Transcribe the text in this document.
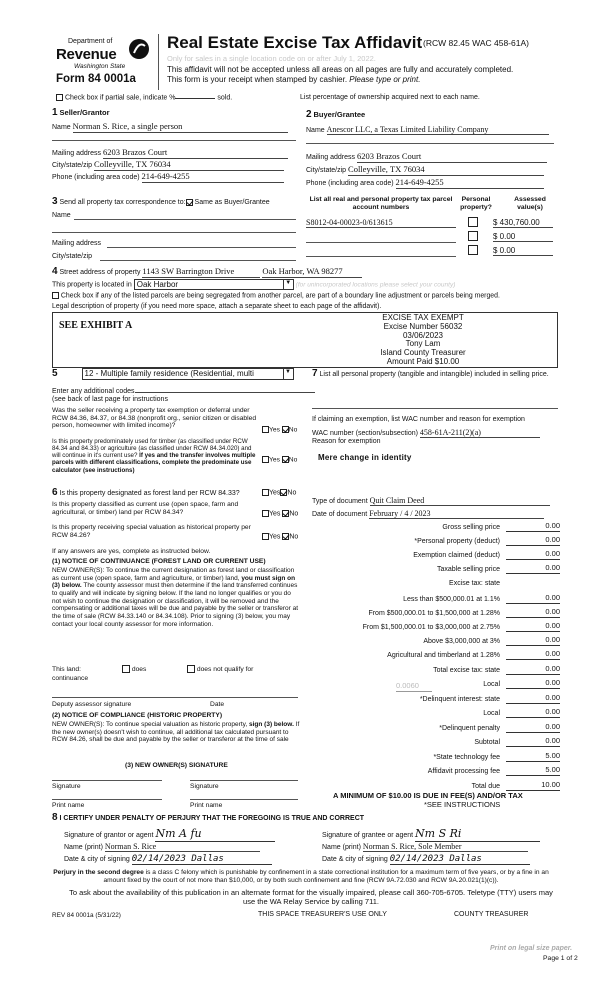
Department of
Revenue
Washington State
Form 84 0001a
Real Estate Excise Tax Affidavit (RCW 82.45 WAC 458-61A)
Only for sales in a single location code on or after July 1, 2022.
This affidavit will not be accepted unless all areas on all pages are fully and accurately completed.
This form is your receipt when stamped by cashier. Please type or print.
Check box if partial sale, indicate %	sold.	List percentage of ownership acquired next to each name.
1 Seller/Grantor
Name Norman S. Rice, a single person
Mailing address 6203 Brazos Court
City/state/zip Colleyville, TX 76034
Phone (including area code) 214-649-4255
2 Buyer/Grantee
Name Anescor LLC, a Texas Limited Liability Company
Mailing address 6203 Brazos Court
City/state/zip Colleyville, TX 76034
Phone (including area code) 214-649-4255
3 Send all property tax correspondence to: Same as Buyer/Grantee
Name
Mailing address
City/state/zip
List all real and personal property tax parcel account numbers
Personal property?
Assessed value(s)
S8012-04-00023-0/613615	$ 430,760.00
$ 0.00
$ 0.00
4 Street address of property 1143 SW Barrington Drive	Oak Harbor, WA 98277
This property is located in Oak Harbor	▼ (for unincorporated locations please select your county)
Check box if any of the listed parcels are being segregated from another parcel, are part of a boundary line adjustment or parcels being merged.
Legal description of property (if you need more space, attach a separate sheet to each page of the affidavit).
SEE EXHIBIT A
EXCISE TAX EXEMPT
Excise Number 56032
03/06/2023
Tony Lam
Island County Treasurer
Amount Paid $10.00
5	12 - Multiple family residence (Residential, multi	▼
Enter any additional codes
(see back of last page for instructions
Was the seller receiving a property tax exemption or deferral under RCW 84.36, 84.37, or 84.38 (nonprofit org., senior citizen or disabled person, homeowner with limited income)?
Yes No
Is this property predominately used for timber (as classified under RCW 84.34 and 84.33) or agriculture (as classified under RCW 84.34.020) and will continue in it's current use? If yes and the transfer involves multiple parcels with different classifications, complete the predominate use calculator (see instructions)
Yes No
7 List all personal property (tangible and intangible) included in selling price.
If claiming an exemption, list WAC number and reason for exemption
WAC number (section/subsection) 458-61A-211(2)(a)
Reason for exemption
Mere change in identity
6 Is this property designated as forest land per RCW 84.33?	Yes No
Is this property classified as current use (open space, farm and agricultural, or timber) land per RCW 84.34?	Yes No
Is this property receiving special valuation as historical property per RCW 84.26?	Yes No
If any answers are yes, complete as instructed below.
(1) NOTICE OF CONTINUANCE (FOREST LAND OR CURRENT USE)
NEW OWNER(S): To continue the current designation as forest land or classification as current use (open space, farm and agriculture, or timber) land, you must sign on (3) below. The county assessor must then determine if the land transferred continues to qualify and will indicate by signing below. If the land no longer qualifies or you do not wish to continue the designation or classification, it will be removed and the compensating or additional taxes will be due and payable by the seller or transferor at the time of sale (RCW 84.33.140 or 84.34.108). Prior to signing (3) below, you may contact your local county assessor for more information.
This land:
continuance
does	does not qualify for
Deputy assessor signature	Date
(2) NOTICE OF COMPLIANCE (HISTORIC PROPERTY)
NEW OWNER(S): To continue special valuation as historic property, sign (3) below. If the new owner(s) doesn't wish to continue, all additional tax calculated pursuant to RCW 84.26, shall be due and payable by the seller or transferor at the time of sale
(3) NEW OWNER(S) SIGNATURE
Signature	Signature
Print name	Print name
Type of document Quit Claim Deed
Date of document February / 4 / 2023
Gross selling price	0.00
*Personal property (deduct)	0.00
Exemption claimed (deduct)	0.00
Taxable selling price	0.00
Excise tax: state
Less than $500,000.01 at 1.1%	0.00
From $500,000.01 to $1,500,000 at 1.28%	0.00
From $1,500,000.01 to $3,000,000 at 2.75%	0.00
Above $3,000,000 at 3%	0.00
Agricultural and timberland at 1.28%	0.00
Total excise tax: state	0.00
Local	0.00
*Delinquent interest: state	0.00
Local	0.00
*Delinquent penalty	0.00
Subtotal	0.00
*State technology fee	5.00
Affidavit processing fee	5.00
Total due	10.00
0.0060
A MINIMUM OF $10.00 IS DUE IN FEE(S) AND/OR TAX
*SEE INSTRUCTIONS
8 I CERTIFY UNDER PENALTY OF PERJURY THAT THE FOREGOING IS TRUE AND CORRECT
Signature of grantor or agent Nm A fu
Name (print) Norman S. Rice
Date & city of signing 02/14/2023 Dallas
Signature of grantee or agent Nm S Ri
Name (print) Norman S. Rice, Sole Member
Date & city of signing 02/14/2023 Dallas
Perjury in the second degree is a class C felony which is punishable by confinement in a state correctional institution for a maximum term of five years, or by a fine in an amount fixed by the court of not more than $10,000, or by both such confinement and fine (RCW 9A.72.030 and RCW 9A.20.021(1)(c)).
To ask about the availability of this publication in an alternate format for the visually impaired, please call 360-705-6705. Teletype (TTY) users may use the WA Relay Service by calling 711.
REV 84 0001a (5/31/22)	THIS SPACE TREASURER'S USE ONLY	COUNTY TREASURER
Print on legal size paper.
Page 1 of 2
